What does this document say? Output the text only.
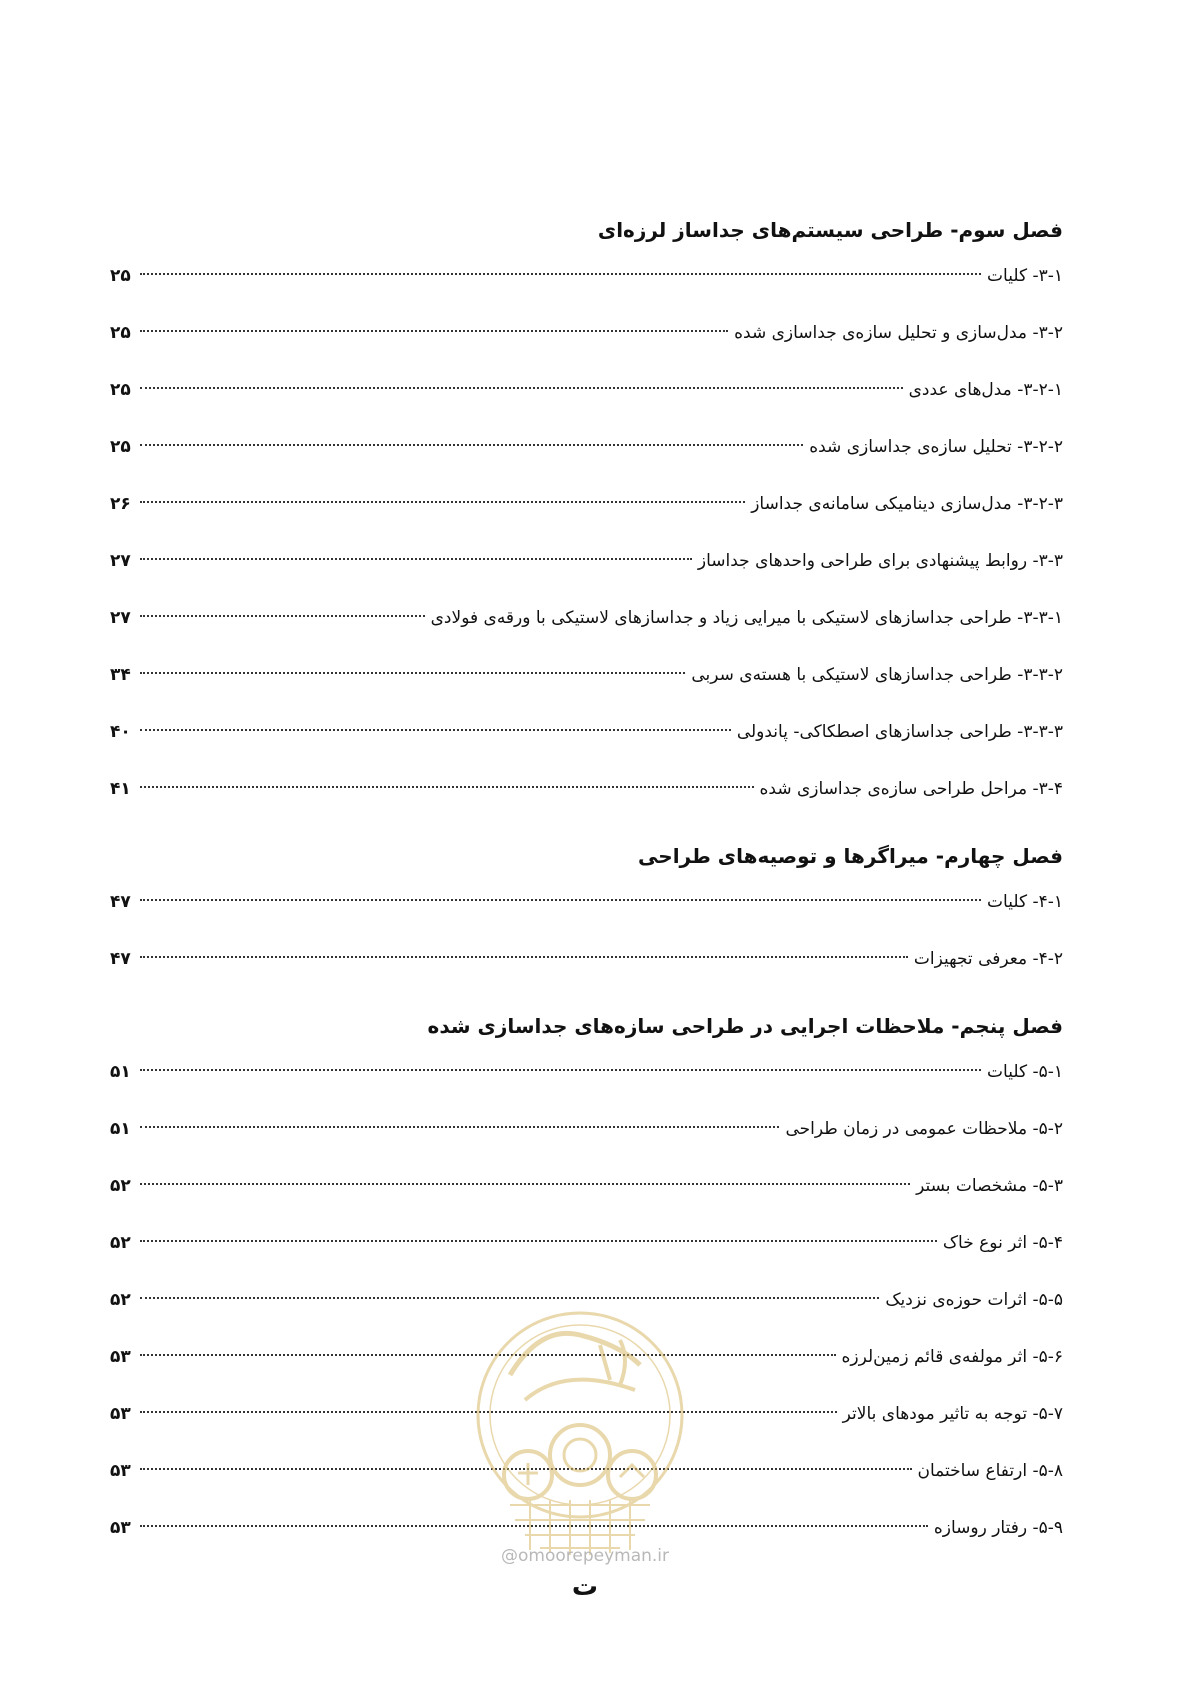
فصل سوم- طراحی سیستم‌های جداساز لرزه‌ای
۳-۱- کلیات
۲۵
۳-۲- مدل‌سازی و تحلیل سازه‌ی جداسازی شده
۲۵
۳-۲-۱- مدل‌های عددی
۲۵
۳-۲-۲- تحلیل سازه‌ی جداسازی شده
۲۵
۳-۲-۳- مدل‌سازی دینامیکی سامانه‌ی جداساز
۲۶
۳-۳- روابط پیشنهادی برای طراحی واحدهای جداساز
۲۷
۳-۳-۱- طراحی جداسازهای لاستیکی با میرایی زیاد و جداسازهای لاستیکی با ورقه‌ی فولادی
۲۷
۳-۳-۲- طراحی جداسازهای لاستیکی با هسته‌ی سربی
۳۴
۳-۳-۳- طراحی جداسازهای اصطکاکی- پاندولی
۴۰
۳-۴- مراحل طراحی سازه‌ی جداسازی شده
۴۱
فصل چهارم- میراگرها و توصیه‌های طراحی
۴-۱- کلیات
۴۷
۴-۲- معرفی تجهیزات
۴۷
فصل پنجم- ملاحظات اجرایی در طراحی سازه‌های جداسازی شده
۵-۱- کلیات
۵۱
۵-۲- ملاحظات عمومی در زمان طراحی
۵۱
۵-۳- مشخصات بستر
۵۲
۵-۴- اثر نوع خاک
۵۲
۵-۵- اثرات حوزه‌ی نزدیک
۵۲
۵-۶- اثر مولفه‌ی قائم زمین‌لرزه
۵۳
۵-۷- توجه به تاثیر مودهای بالاتر
۵۳
۵-۸- ارتفاع ساختمان
۵۳
۵-۹- رفتار روسازه
۵۳
@omoorepeyman.ir
ت
